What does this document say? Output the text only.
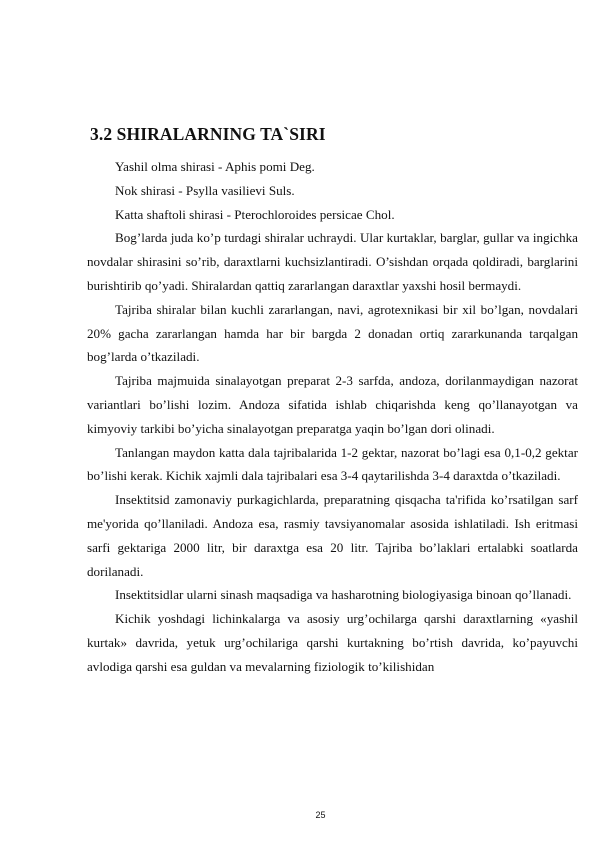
3.2 SHIRALARNING TA`SIRI

Yashil olma shirasi - Aphis pomi Deg.

Nok shirasi - Psylla vasilievi Suls.

Katta shaftoli shirasi - Pterochloroides persicae Chol.

Bog’larda juda ko’p turdagi shiralar uchraydi. Ular kurtaklar, barglar, gullar va ingichka novdalar shirasini so’rib, daraxtlarni kuchsizlantiradi. O’sishdan orqada qoldiradi, barglarini burishtirib qo’yadi. Shiralardan qattiq zararlangan daraxtlar yaxshi hosil bermaydi.

Tajriba shiralar bilan kuchli zararlangan, navi, agrotexnikasi bir xil bo’lgan, novdalari 20% gacha zararlangan hamda har bir bargda 2 donadan ortiq zararkunanda tarqalgan bog’larda o’tkaziladi.

Tajriba majmuida sinalayotgan preparat 2-3 sarfda, andoza, dorilanmaydigan nazorat variantlari bo’lishi lozim. Andoza sifatida ishlab chiqarishda keng qo’llanayotgan va kimyoviy tarkibi bo’yicha sinalayotgan preparatga yaqin bo’lgan dori olinadi.

Tanlangan maydon katta dala tajribalarida 1-2 gektar, nazorat bo’lagi esa 0,1-0,2 gektar bo’lishi kerak. Kichik xajmli dala tajribalari esa 3-4 qaytarilishda 3-4 daraxtda o’tkaziladi.

Insektitsid zamonaviy purkagichlarda, preparatning qisqacha ta'rifida ko’rsatilgan sarf me'yorida qo’llaniladi. Andoza esa, rasmiy tavsiyanomalar asosida ishlatiladi. Ish eritmasi sarfi gektariga 2000 litr, bir daraxtga esa 20 litr. Tajriba bo’laklari ertalabki soatlarda dorilanadi.

Insektitsidlar ularni sinash maqsadiga va hasharotning biologiyasiga binoan qo’llanadi.

Kichik yoshdagi lichinkalarga va asosiy urg’ochilarga qarshi daraxtlarning «yashil kurtak» davrida, yetuk urg’ochilariga qarshi kurtakning bo’rtish davrida, ko’payuvchi avlodiga qarshi esa guldan va mevalarning fiziologik to’kilishidan

25
